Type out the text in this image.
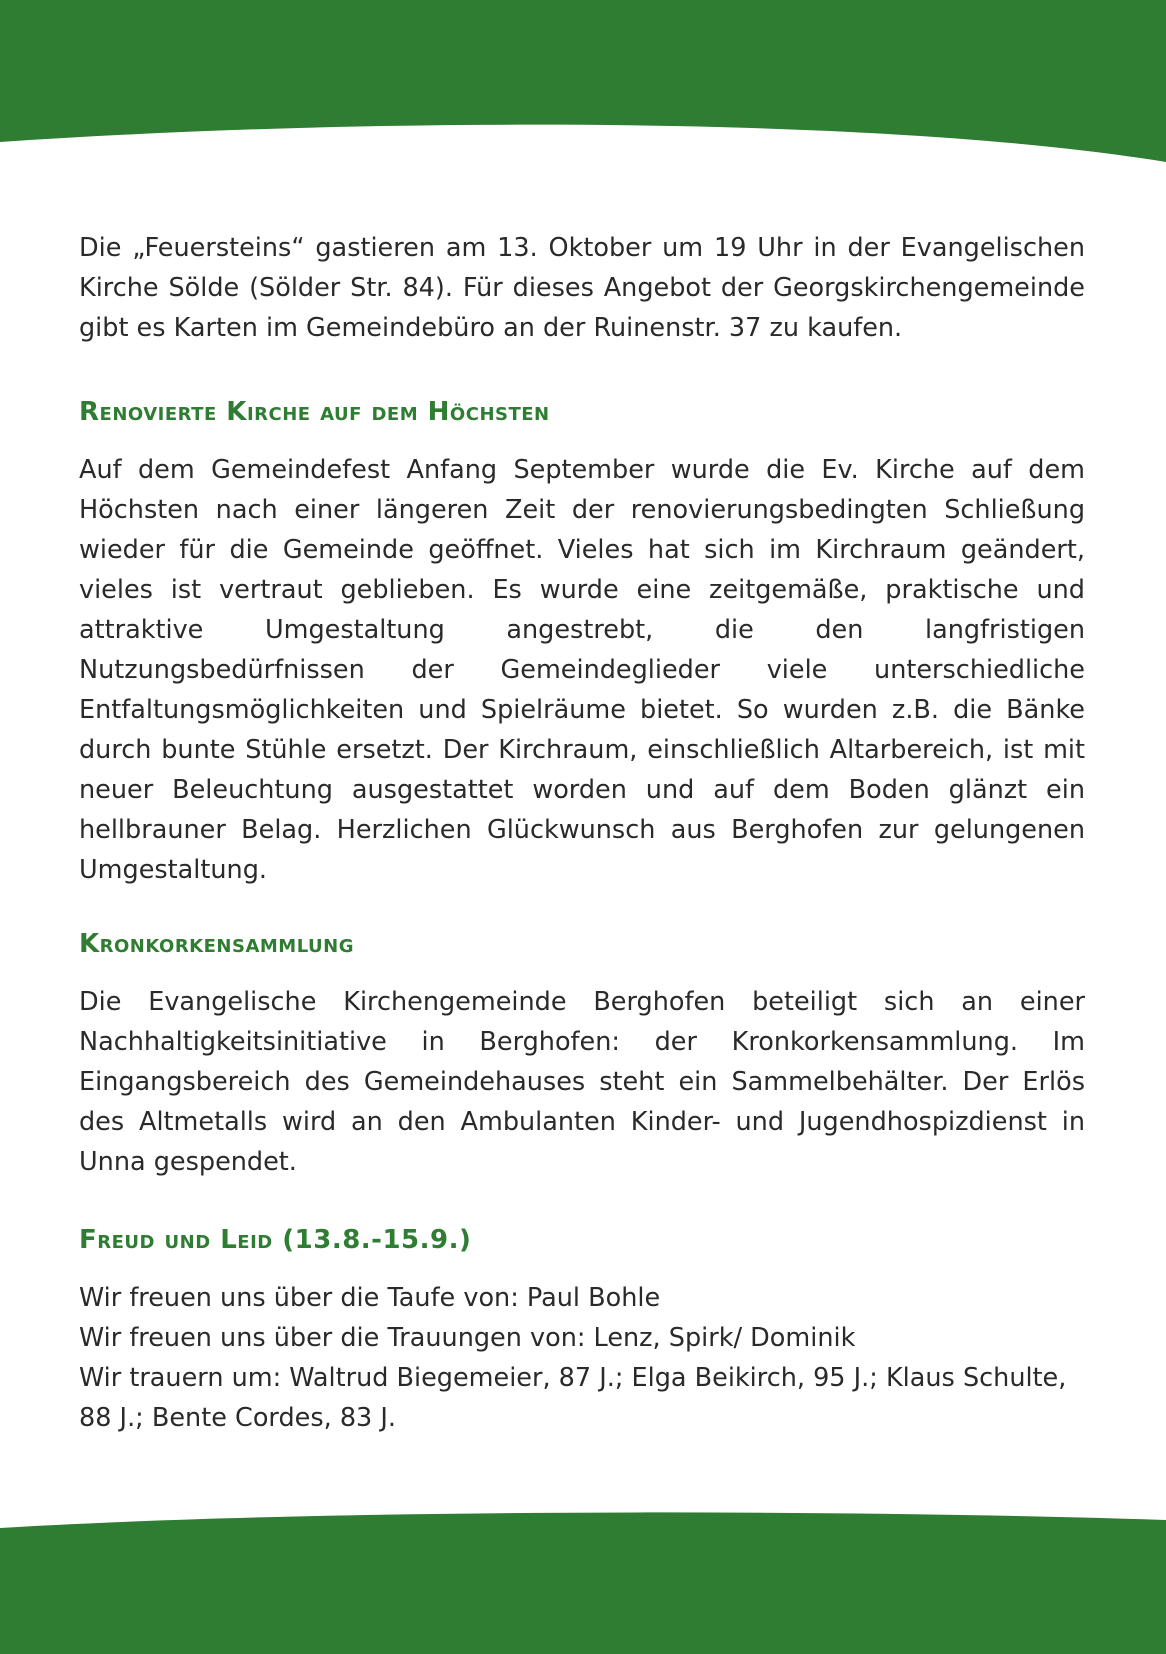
Die „Feuersteins“ gastieren am 13. Oktober um 19 Uhr in der Evangelischen Kirche Sölde (Sölder Str. 84). Für dieses Angebot der Georgskirchengemeinde gibt es Karten im Gemeindebüro an der Ruinenstr. 37 zu kaufen.

Renovierte Kirche auf dem Höchsten

Auf dem Gemeindefest Anfang September wurde die Ev. Kirche auf dem Höchsten nach einer längeren Zeit der renovierungsbedingten Schließung wieder für die Gemeinde geöffnet. Vieles hat sich im Kirchraum geändert, vieles ist vertraut geblieben. Es wurde eine zeitgemäße, praktische und attraktive Umgestaltung angestrebt, die den langfristigen Nutzungsbedürfnissen der Gemeindeglieder viele unterschiedliche Entfaltungsmöglichkeiten und Spielräume bietet. So wurden z.B. die Bänke durch bunte Stühle ersetzt. Der Kirchraum, einschließlich Altarbereich, ist mit neuer Beleuchtung ausgestattet worden und auf dem Boden glänzt ein hellbrauner Belag. Herzlichen Glückwunsch aus Berghofen zur gelungenen Umgestaltung.

Kronkorkensammlung

Die Evangelische Kirchengemeinde Berghofen beteiligt sich an einer Nachhaltigkeitsinitiative in Berghofen: der Kronkorkensammlung. Im Eingangsbereich des Gemeindehauses steht ein Sammelbehälter. Der Erlös des Altmetalls wird an den Ambulanten Kinder- und Jugendhospizdienst in Unna gespendet.

Freud und Leid (13.8.-15.9.)
Wir freuen uns über die Taufe von: Paul Bohle
Wir freuen uns über die Trauungen von: Lenz, Spirk/ Dominik
Wir trauern um: Waltrud Biegemeier, 87 J.; Elga Beikirch, 95 J.; Klaus Schulte, 88 J.; Bente Cordes, 83 J.
